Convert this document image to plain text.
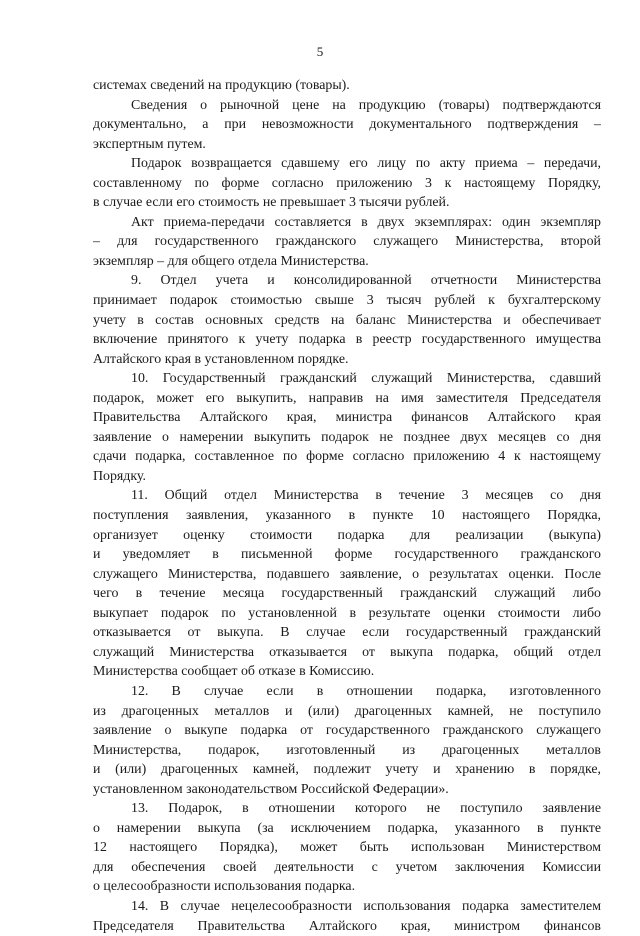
5
системах сведений на продукцию (товары).
Сведения о рыночной цене на продукцию (товары) подтверждаются
документально, а при невозможности документального подтверждения –
экспертным путем.
Подарок возвращается сдавшему его лицу по акту приема – передачи,
составленному по форме согласно приложению 3 к настоящему Порядку,
в случае если его стоимость не превышает 3 тысячи рублей.
Акт приема-передачи составляется в двух экземплярах: один экземпляр
– для государственного гражданского служащего Министерства, второй
экземпляр – для общего отдела Министерства.
9. Отдел учета и консолидированной отчетности Министерства
принимает подарок стоимостью свыше 3 тысяч рублей к бухгалтерскому
учету в состав основных средств на баланс Министерства и обеспечивает
включение принятого к учету подарка в реестр государственного имущества
Алтайского края в установленном порядке.
10. Государственный гражданский служащий Министерства, сдавший
подарок, может его выкупить, направив на имя заместителя Председателя
Правительства Алтайского края, министра финансов Алтайского края
заявление о намерении выкупить подарок не позднее двух месяцев со дня
сдачи подарка, составленное по форме согласно приложению 4 к настоящему
Порядку.
11. Общий отдел Министерства в течение 3 месяцев со дня
поступления заявления, указанного в пункте 10 настоящего Порядка,
организует оценку стоимости подарка для реализации (выкупа)
и уведомляет в письменной форме государственного гражданского
служащего Министерства, подавшего заявление, о результатах оценки. После
чего в течение месяца государственный гражданский служащий либо
выкупает подарок по установленной в результате оценки стоимости либо
отказывается от выкупа. В случае если государственный гражданский
служащий Министерства отказывается от выкупа подарка, общий отдел
Министерства сообщает об отказе в Комиссию.
12. В случае если в отношении подарка, изготовленного
из драгоценных металлов и (или) драгоценных камней, не поступило
заявление о выкупе подарка от государственного гражданского служащего
Министерства, подарок, изготовленный из драгоценных металлов
и (или) драгоценных камней, подлежит учету и хранению в порядке,
установленном законодательством Российской Федерации».
13. Подарок, в отношении которого не поступило заявление
о намерении выкупа (за исключением подарка, указанного в пункте
12 настоящего Порядка), может быть использован Министерством
для обеспечения своей деятельности с учетом заключения Комиссии
о целесообразности использования подарка.
14. В случае нецелесообразности использования подарка заместителем
Председателя Правительства Алтайского края, министром финансов
